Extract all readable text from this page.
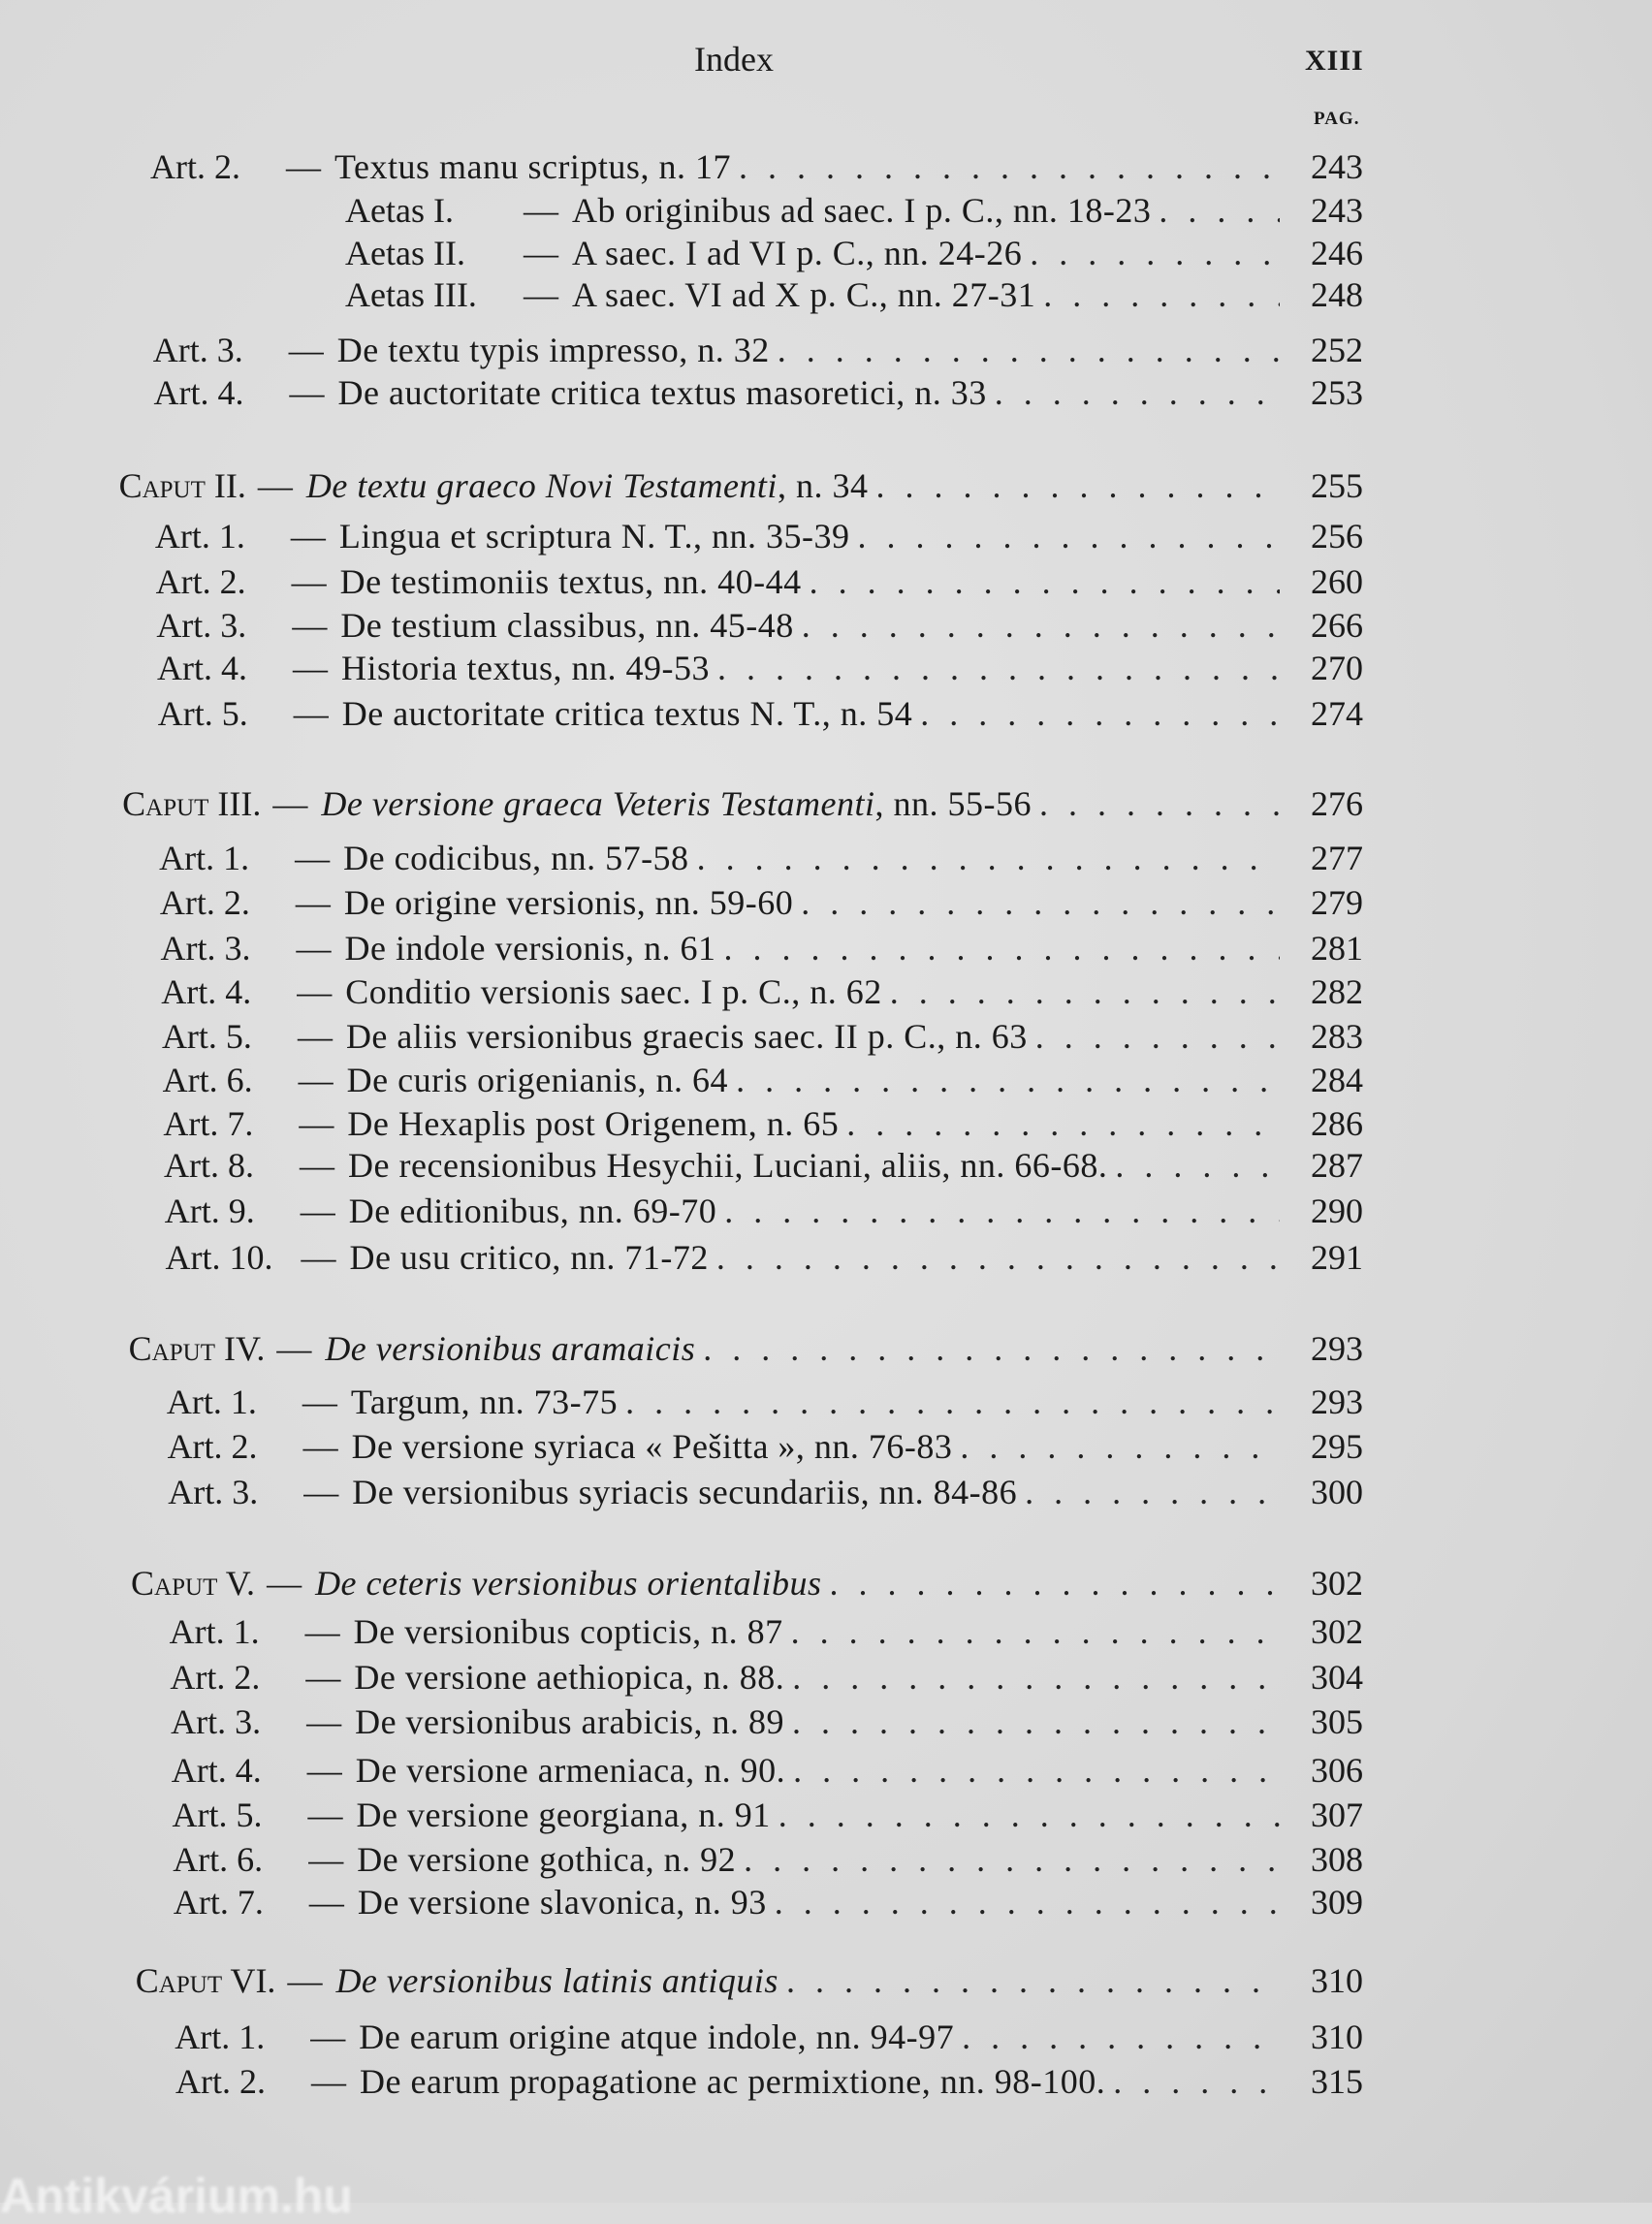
Index	XIII
PAG.
Art. 2.	— Textus manu scriptus, n. 17 . . .	243
Aetas I.	— Ab originibus ad saec. I p. C., nn. 18-23 . . .	243
Aetas II.	— A saec. I ad VI p. C., nn. 24-26 . . .	246
Aetas III.	— A saec. VI ad X p. C., nn. 27-31 . . .	248
Art. 3.	— De textu typis impresso, n. 32 . . .	252
Art. 4.	— De auctoritate critica textus masoretici, n. 33 . . .	253
Caput II. — De textu graeco Novi Testamenti , n. 34 . . .	255
Art. 1.	— Lingua et scriptura N. T., nn. 35-39 . . .	256
Art. 2.	— De testimoniis textus, nn. 40-44 . . .	260
Art. 3.	— De testium classibus, nn. 45-48 . . .	266
Art. 4.	— Historia textus, nn. 49-53 . . .	270
Art. 5.	— De auctoritate critica textus N. T., n. 54 . . .	274
Caput III. — De versione graeca Veteris Testamenti , nn. 55-56 . . .	276
Art. 1.	— De codicibus, nn. 57-58 . . .	277
Art. 2.	— De origine versionis, nn. 59-60 . . .	279
Art. 3.	— De indole versionis, n. 61 . . .	281
Art. 4.	— Conditio versionis saec. I p. C., n. 62 . . .	282
Art. 5.	— De aliis versionibus graecis saec. II p. C., n. 63 . . .	283
Art. 6.	— De curis origenianis, n. 64 . . .	284
Art. 7.	— De Hexaplis post Origenem, n. 65 . . .	286
Art. 8.	— De recensionibus Hesychii, Luciani, aliis, nn. 66-68. . . .	287
Art. 9.	— De editionibus, nn. 69-70 . . .	290
Art. 10. — De usu critico, nn. 71-72 . . .	291
Caput IV. — De versionibus aramaicis . . .	293
Art. 1.	— Targum, nn. 73-75 . . .	293
Art. 2.	— De versione syriaca « Pešitta », nn. 76-83 . . .	295
Art. 3.	— De versionibus syriacis secundariis, nn. 84-86 . . .	300
Caput V. — De ceteris versionibus orientalibus . . .	302
Art. 1.	— De versionibus copticis, n. 87 . . .	302
Art. 2.	— De versione aethiopica, n. 88. . . .	304
Art. 3.	— De versionibus arabicis, n. 89 . . .	305
Art. 4.	— De versione armeniaca, n. 90. . . .	306
Art. 5.	— De versione georgiana, n. 91 . . .	307
Art. 6.	— De versione gothica, n. 92 . . .	308
Art. 7.	— De versione slavonica, n. 93 . . .	309
Caput VI. — De versionibus latinis antiquis . . .	310
Art. 1.	— De earum origine atque indole, nn. 94-97 . . .	310
Art. 2.	— De earum propagatione ac permixtione, nn. 98-100. . . .	315
Antikvárium.hu
